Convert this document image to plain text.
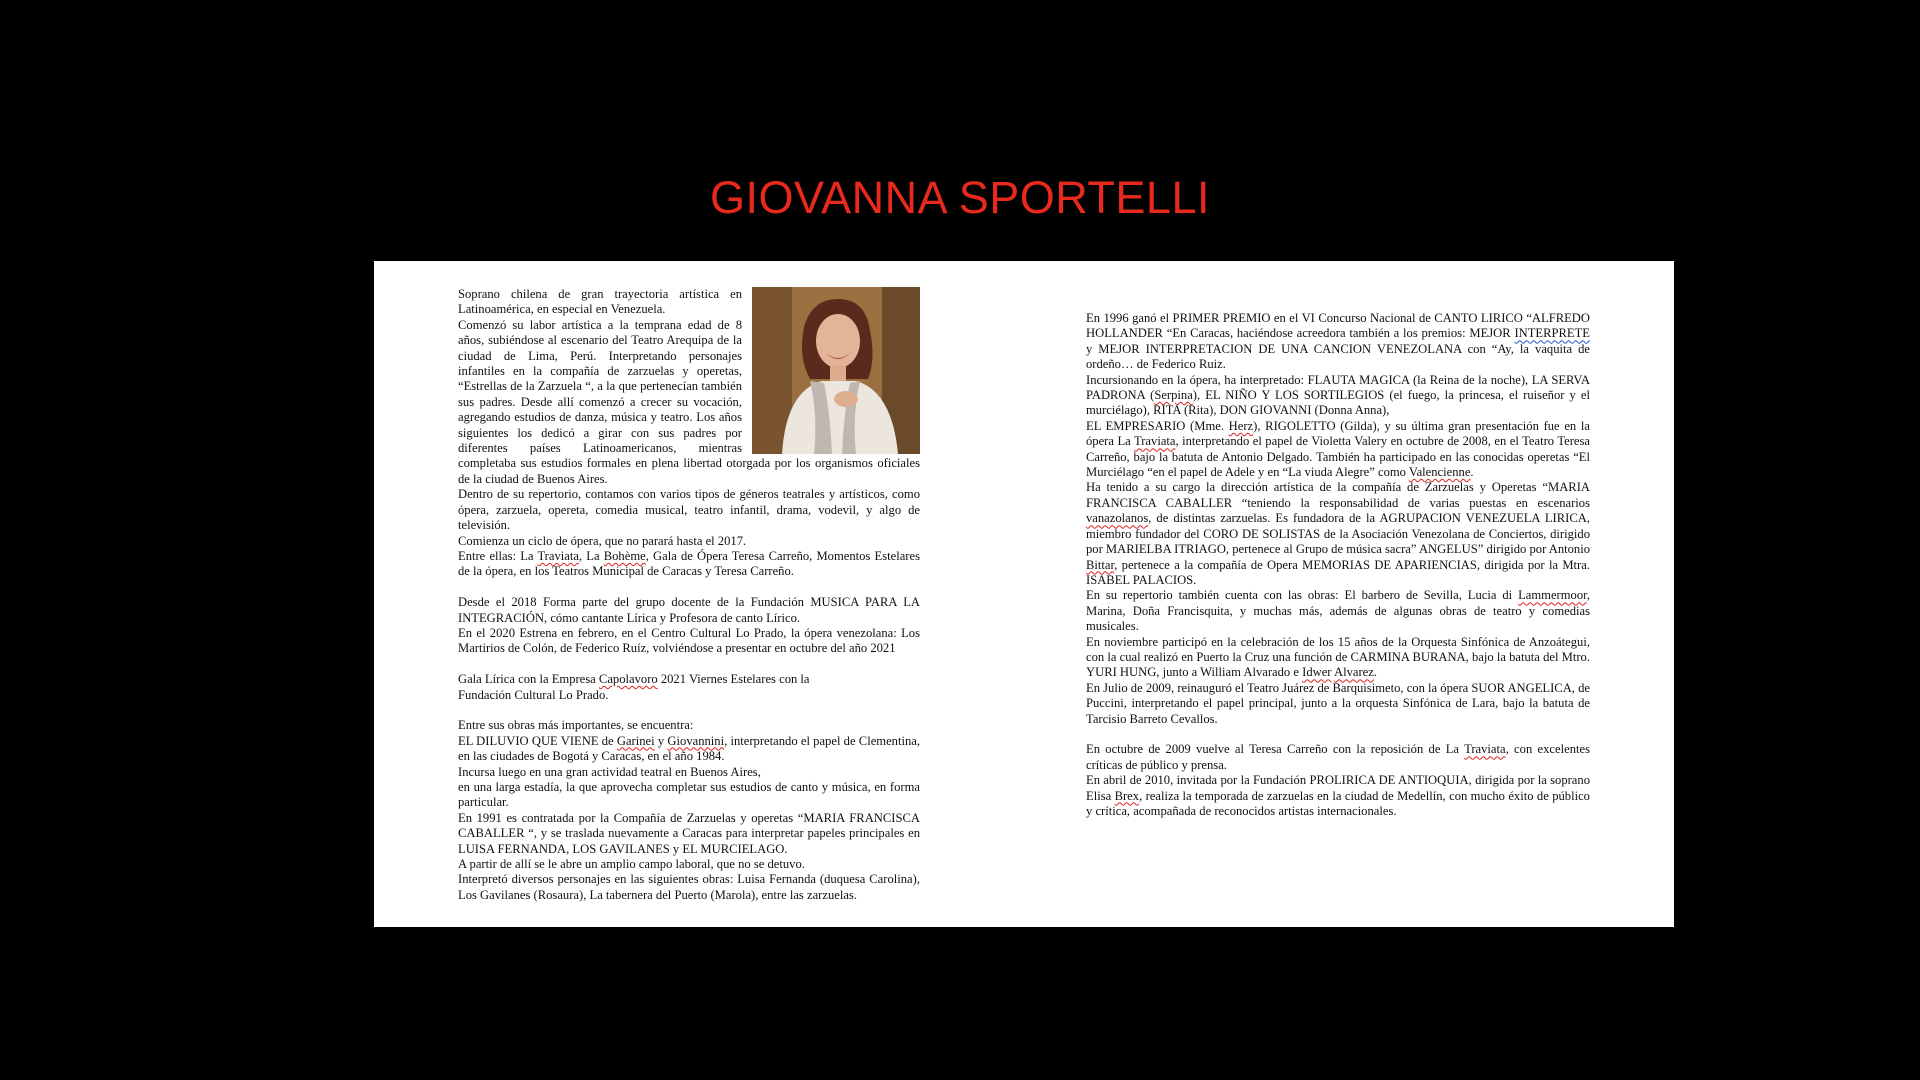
GIOVANNA SPORTELLI

Soprano chilena de gran trayectoria artística en Latinoamérica, en especial en Venezuela.

Comenzó su labor artística a la temprana edad de 8 años, subiéndose al escenario del Teatro Arequipa de la ciudad de Lima, Perú. Interpretando personajes infantiles en la compañía de zarzuelas y operetas, “Estrellas de la Zarzuela “, a la que pertenecían también sus padres. Desde allí comenzó a crecer su vocación, agregando estudios de danza, música y teatro. Los años siguientes los dedicó a girar con sus padres por diferentes países Latinoamericanos, mientras completaba sus estudios formales en plena libertad otorgada por los organismos oficiales de la ciudad de Buenos Aires.

Dentro de su repertorio, contamos con varios tipos de géneros teatrales y artísticos, como ópera, zarzuela, opereta, comedia musical, teatro infantil, drama, vodevil, y algo de televisión.

Comienza un ciclo de ópera, que no parará hasta el 2017.

Entre ellas: La Traviata, La Bohème, Gala de Ópera Teresa Carreño, Momentos Estelares de la ópera, en los Teatros Municipal de Caracas y Teresa Carreño.

Desde el 2018 Forma parte del grupo docente de la Fundación MUSICA PARA LA INTEGRACIÓN, cómo cantante Lírica y Profesora de canto Lírico.

En el 2020 Estrena en febrero, en el Centro Cultural Lo Prado, la ópera venezolana: Los Martirios de Colón, de Federico Ruíz, volviéndose a presentar en octubre del año 2021

Gala Lírica con la Empresa Capolavoro 2021 Viernes Estelares con la

Fundación Cultural Lo Prado.

Entre sus obras más importantes, se encuentra:

EL DILUVIO QUE VIENE de Garinei y Giovannini, interpretando el papel de Clementina, en las ciudades de Bogotá y Caracas, en el año 1984.

Incursa luego en una gran actividad teatral en Buenos Aires,

en una larga estadía, la que aprovecha completar sus estudios de canto y música, en forma particular.

En 1991 es contratada por la Compañía de Zarzuelas y operetas “MARIA FRANCISCA CABALLER “, y se traslada nuevamente a Caracas para interpretar papeles principales en LUISA FERNANDA, LOS GAVILANES y EL MURCIELAGO.

A partir de allí se le abre un amplio campo laboral, que no se detuvo.

Interpretó diversos personajes en las siguientes obras: Luisa Fernanda (duquesa Carolina), Los Gavilanes (Rosaura), La tabernera del Puerto (Marola), entre las zarzuelas.

En 1996 ganó el PRIMER PREMIO en el VI Concurso Nacional de CANTO LIRICO “ALFREDO HOLLANDER “En Caracas, haciéndose acreedora también a los premios: MEJOR INTERPRETE y MEJOR INTERPRETACION DE UNA CANCION VENEZOLANA con “Ay, la vaquita de ordeño… de Federico Ruiz.

Incursionando en la ópera, ha interpretado: FLAUTA MAGICA (la Reina de la noche), LA SERVA PADRONA (Serpina), EL NIÑO Y LOS SORTILEGIOS (el fuego, la princesa, el ruiseñor y el murciélago), RITA (Rita), DON GIOVANNI (Donna Anna),

EL EMPRESARIO (Mme. Herz), RIGOLETTO (Gilda), y su última gran presentación fue en la ópera La Traviata, interpretando el papel de Violetta Valery en octubre de 2008, en el Teatro Teresa Carreño, bajo la batuta de Antonio Delgado. También ha participado en las conocidas operetas “El Murciélago “en el papel de Adele y en “La viuda Alegre” como Valencienne.

Ha tenido a su cargo la dirección artística de la compañía de Zarzuelas y Operetas “MARIA FRANCISCA CABALLER “teniendo la responsabilidad de varias puestas en escenarios vanazolanos, de distintas zarzuelas. Es fundadora de la AGRUPACION VENEZUELA LIRICA, miembro fundador del CORO DE SOLISTAS de la Asociación Venezolana de Conciertos, dirigido por MARIELBA ITRIAGO, pertenece al Grupo de música sacra” ANGELUS” dirigido por Antonio Bittar, pertenece a la compañía de Opera MEMORIAS DE APARIENCIAS, dirigida por la Mtra. ISABEL PALACIOS.

En su repertorio también cuenta con las obras: El barbero de Sevilla, Lucia di Lammermoor, Marina, Doña Francisquita, y muchas más, además de algunas obras de teatro y comedias musicales.

En noviembre participó en la celebración de los 15 años de la Orquesta Sinfónica de Anzoátegui, con la cual realizó en Puerto la Cruz una función de CARMINA BURANA, bajo la batuta del Mtro. YURI HUNG, junto a William Alvarado e Idwer Alvarez.

En Julio de 2009, reinauguró el Teatro Juárez de Barquisimeto, con la ópera SUOR ANGELICA, de Puccini, interpretando el papel principal, junto a la orquesta Sinfónica de Lara, bajo la batuta de Tarcisio Barreto Cevallos.

En octubre de 2009 vuelve al Teresa Carreño con la reposición de La Traviata, con excelentes críticas de público y prensa.

En abril de 2010, invitada por la Fundación PROLIRICA DE ANTIOQUIA, dirigida por la soprano Elisa Brex, realiza la temporada de zarzuelas en la ciudad de Medellín, con mucho éxito de público y crítica, acompañada de reconocidos artistas internacionales.
